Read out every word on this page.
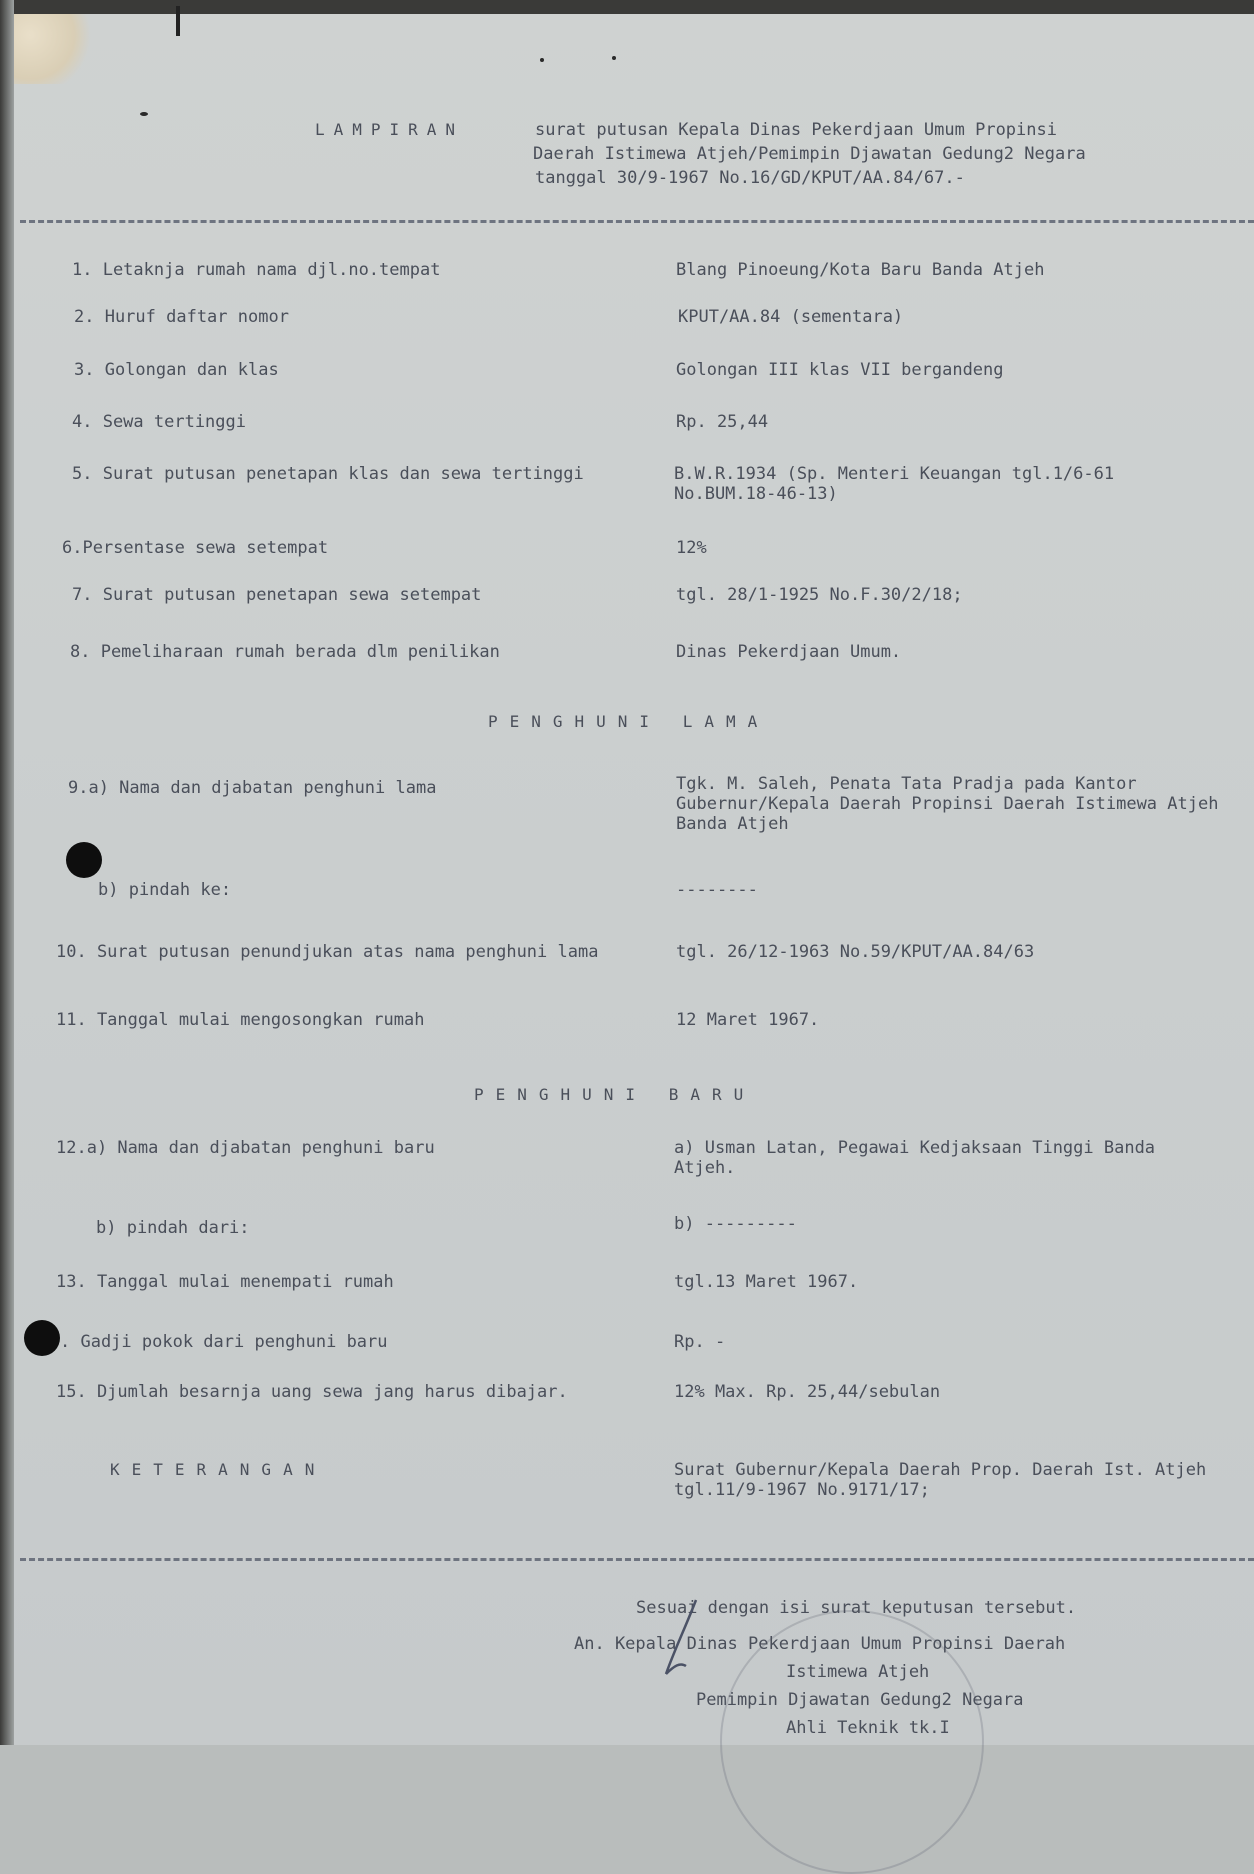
LAMPIRAN	surat putusan Kepala Dinas Pekerdjaan Umum Propinsi
Daerah Istimewa Atjeh/Pemimpin Djawatan Gedung2 Negara
tanggal 30/9-1967 No.16/GD/KPUT/AA.84/67.-
1. Letaknja rumah nama djl.no.tempat	Blang Pinoeung/Kota Baru Banda Atjeh
2. Huruf daftar nomor	KPUT/AA.84 (sementara)
3. Golongan dan klas	Golongan III klas VII bergandeng
4. Sewa tertinggi	Rp. 25,44
5. Surat putusan penetapan klas dan sewa tertinggi	B.W.R.1934 (Sp. Menteri Keuangan tgl.1/6-61 No.BUM.18-46-13)
6.Persentase sewa setempat	12%
7. Surat putusan penetapan sewa setempat	tgl. 28/1-1925 No.F.30/2/18;
8. Pemeliharaan rumah berada dlm penilikan	Dinas Pekerdjaan Umum.
PENGHUNI LAMA
9.a) Nama dan djabatan penghuni lama	Tgk. M. Saleh, Penata Tata Pradja pada Kantor Gubernur/Kepala Daerah Propinsi Daerah Istimewa Atjeh Banda Atjeh
b) pindah ke:	--------
10. Surat putusan penundjukan atas nama penghuni lama	tgl. 26/12-1963 No.59/KPUT/AA.84/63
11. Tanggal mulai mengosongkan rumah	12 Maret 1967.
PENGHUNI BARU
12.a) Nama dan djabatan penghuni baru	a) Usman Latan, Pegawai Kedjaksaan Tinggi Banda Atjeh.
b) pindah dari:	b) ---------
13. Tanggal mulai menempati rumah	tgl.13 Maret 1967.
. Gadji pokok dari penghuni baru	Rp. -
15. Djumlah besarnja uang sewa jang harus dibajar.	12% Max. Rp. 25,44/sebulan
KETERANGAN	Surat Gubernur/Kepala Daerah Prop. Daerah Ist. Atjeh tgl.11/9-1967 No.9171/17;
Sesuai dengan isi surat keputusan tersebut.
An. Kepala Dinas Pekerdjaan Umum Propinsi Daerah
Istimewa Atjeh
Pemimpin Djawatan Gedung2 Negara
Ahli Teknik tk.I
